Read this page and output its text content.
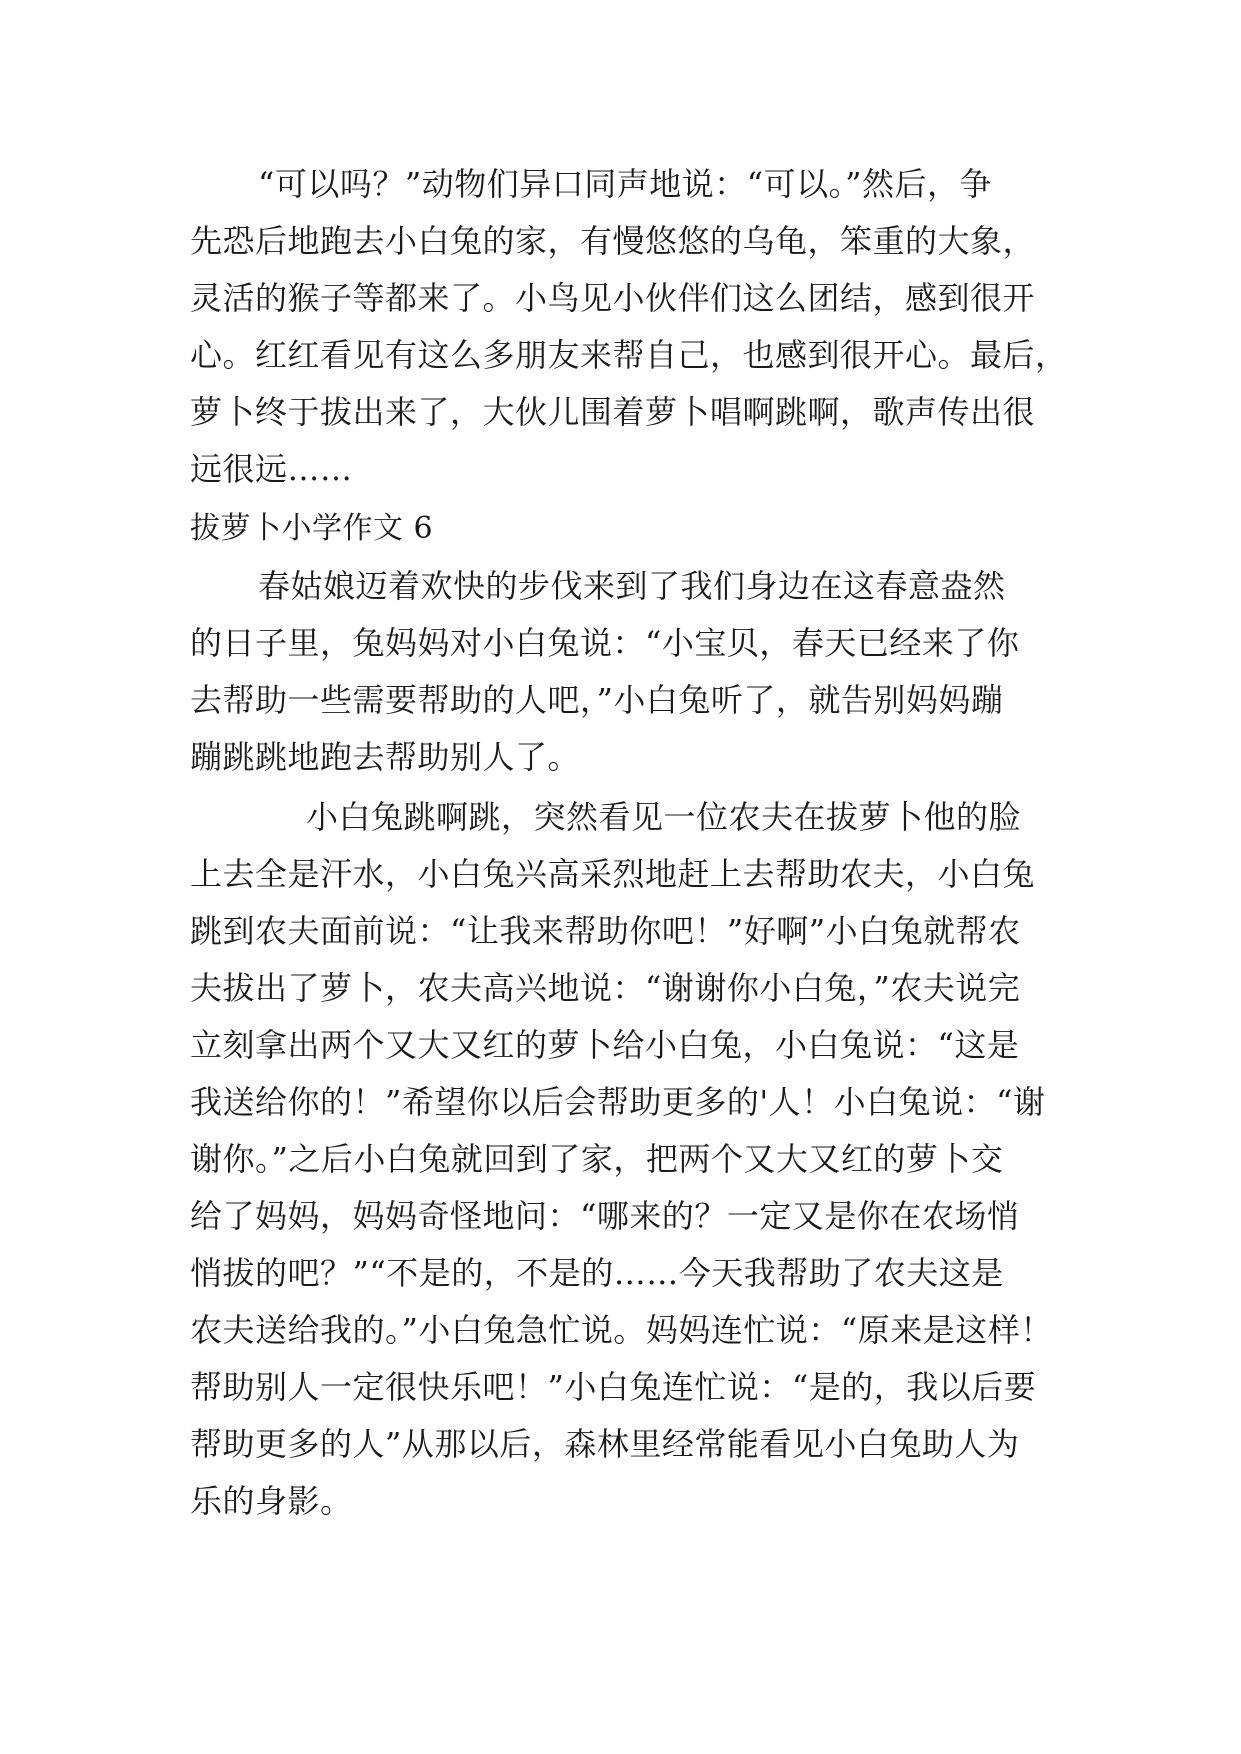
“可以吗？”动物们异口同声地说：“可以。”然后，争
先恐后地跑去小白兔的家，有慢悠悠的乌龟，笨重的大象，
灵活的猴子等都来了。小鸟见小伙伴们这么团结，感到很开
心。红红看见有这么多朋友来帮自己，也感到很开心。最后，
萝卜终于拔出来了，大伙儿围着萝卜唱啊跳啊，歌声传出很
远很远……
拔萝卜小学作文 6
春姑娘迈着欢快的步伐来到了我们身边在这春意盎然
的日子里，兔妈妈对小白兔说：“小宝贝，春天已经来了你
去帮助一些需要帮助的人吧，”小白兔听了，就告别妈妈蹦
蹦跳跳地跑去帮助别人了。
小白兔跳啊跳，突然看见一位农夫在拔萝卜他的脸
上去全是汗水，小白兔兴高采烈地赶上去帮助农夫，小白兔
跳到农夫面前说：“让我来帮助你吧！”好啊”小白兔就帮农
夫拔出了萝卜，农夫高兴地说：“谢谢你小白兔，”农夫说完
立刻拿出两个又大又红的萝卜给小白兔，小白兔说：“这是
我送给你的！”希望你以后会帮助更多的'人！小白兔说：“谢
谢你。”之后小白兔就回到了家，把两个又大又红的萝卜交
给了妈妈，妈妈奇怪地问：“哪来的？一定又是你在农场悄
悄拔的吧？”“不是的，不是的……今天我帮助了农夫这是
农夫送给我的。”小白兔急忙说。妈妈连忙说：“原来是这样！
帮助别人一定很快乐吧！”小白兔连忙说：“是的，我以后要
帮助更多的人”从那以后，森林里经常能看见小白兔助人为
乐的身影。
